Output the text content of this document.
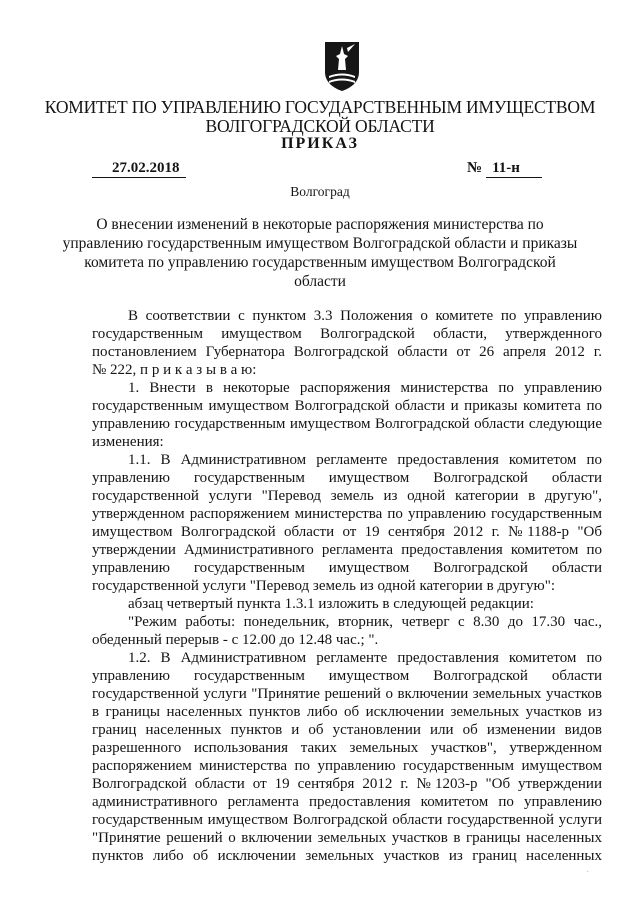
КОМИТЕТ ПО УПРАВЛЕНИЮ ГОСУДАРСТВЕННЫМ ИМУЩЕСТВОМ
ВОЛГОГРАДСКОЙ ОБЛАСТИ
ПРИКАЗ
27.02.2018	№ 11-н
Волгоград
О внесении изменений в некоторые распоряжения министерства по
управлению государственным имуществом Волгоградской области и приказы
комитета по управлению государственным имуществом Волгоградской
области
В соответствии с пунктом 3.3 Положения о комитете по управлению
государственным имуществом Волгоградской области, утвержденного
постановлением Губернатора Волгоградской области от 26 апреля 2012 г.
№ 222, п р и к а з ы в а ю:
1. Внести в некоторые распоряжения министерства по управлению
государственным имуществом Волгоградской области и приказы комитета по
управлению государственным имуществом Волгоградской области следующие
изменения:
1.1. В Административном регламенте предоставления комитетом по
управлению государственным имуществом Волгоградской области
государственной услуги "Перевод земель из одной категории в другую",
утвержденном распоряжением министерства по управлению государственным
имуществом Волгоградской области от 19 сентября 2012 г. №1188-р "Об
утверждении Административного регламента предоставления комитетом по
управлению государственным имуществом Волгоградской области
государственной услуги "Перевод земель из одной категории в другую":
абзац четвертый пункта 1.3.1 изложить в следующей редакции:
"Режим работы: понедельник, вторник, четверг с 8.30 до 17.30 час.,
обеденный перерыв - с 12.00 до 12.48 час.; ".
1.2. В Административном регламенте предоставления комитетом по
управлению государственным имуществом Волгоградской области
государственной услуги "Принятие решений о включении земельных участков
в границы населенных пунктов либо об исключении земельных участков из
границ населенных пунктов и об установлении или об изменении видов
разрешенного использования таких земельных участков", утвержденном
распоряжением министерства по управлению государственным имуществом
Волгоградской области от 19 сентября 2012 г. №1203-р "Об утверждении
административного регламента предоставления комитетом по управлению
государственным имуществом Волгоградской области государственной услуги
"Принятие решений о включении земельных участков в границы населенных
пунктов либо об исключении земельных участков из границ населенных
·
